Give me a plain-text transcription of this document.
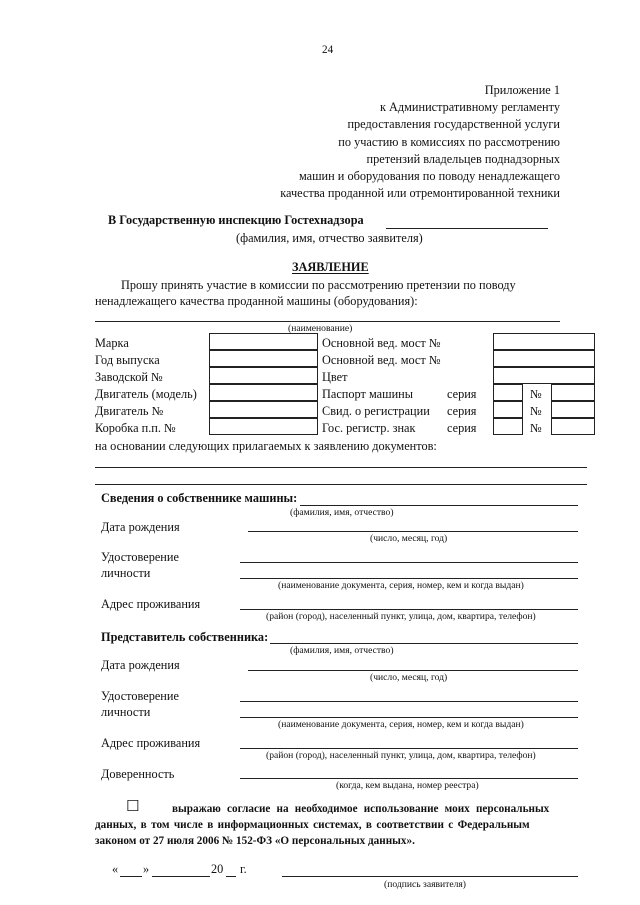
24
Приложение 1
к Административному регламенту
предоставления государственной услуги
по участию в комиссиях по рассмотрению
претензий владельцев поднадзорных
машин и оборудования по поводу ненадлежащего
качества проданной или отремонтированной техники
В Государственную инспекцию Гостехнадзора
(фамилия, имя, отчество заявителя)
ЗАЯВЛЕНИЕ
Прошу принять участие в комиссии по рассмотрению претензии по поводу
ненадлежащего качества проданной машины (оборудования):
(наименование)
Марка
Год выпуска
Заводской №
Двигатель (модель)
Двигатель №
Коробка п.п. №
Основной вед. мост №
Основной вед. мост №
Цвет
Паспорт машины
Свид. о регистрации
Гос. регистр. знак
серия
серия
серия
№
№
№
на основании следующих прилагаемых к заявлению документов:
Сведения о собственнике машины:
(фамилия, имя, отчество)
Дата рождения
(число, месяц, год)
Удостоверение
личности
(наименование документа, серия, номер, кем и когда выдан)
Адрес проживания
(район (город), населенный пункт, улица, дом, квартира, телефон)
Представитель собственника:
(фамилия, имя, отчество)
Дата рождения
(число, месяц, год)
Удостоверение
личности
(наименование документа, серия, номер, кем и когда выдан)
Адрес проживания
(район (город), населенный пункт, улица, дом, квартира, телефон)
Доверенность
(когда, кем выдана, номер реестра)
☐	выражаю согласие на необходимое использование моих персональных
данных, в том числе в информационных системах, в соответствии с Федеральным
законом от 27 июля 2006 № 152-ФЗ «О персональных данных».
« »	20 г.
(подпись заявителя)
